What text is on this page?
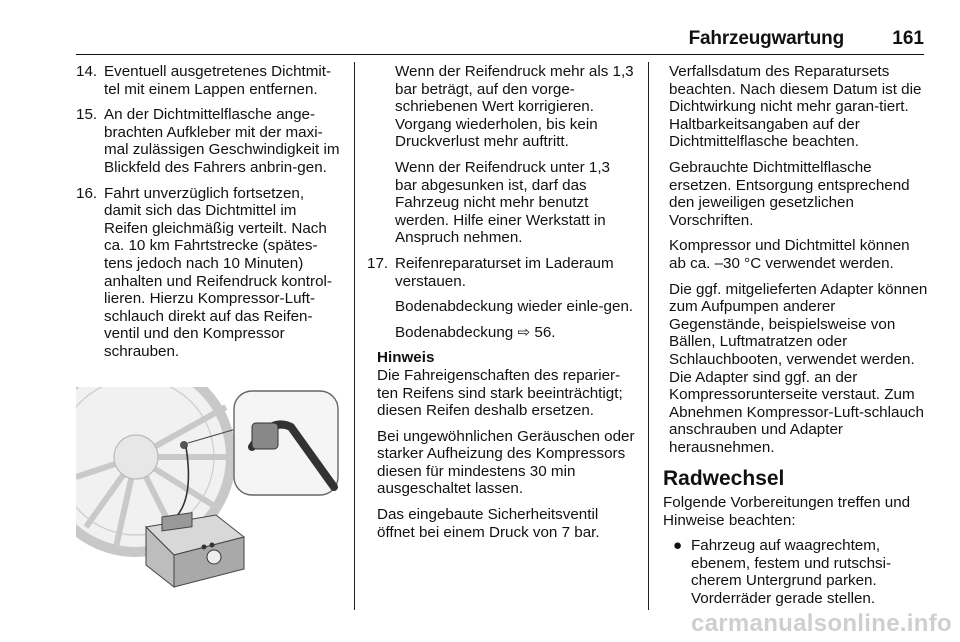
Fahrzeugwartung	161
14. Eventuell ausgetretenes Dichtmit‐tel mit einem Lappen entfernen.
15. An der Dichtmittelflasche ange‐brachten Aufkleber mit der maxi‐mal zulässigen Geschwindigkeit im Blickfeld des Fahrers anbrin‐gen.
16. Fahrt unverzüglich fortsetzen, damit sich das Dichtmittel im Reifen gleichmäßig verteilt. Nach ca. 10 km Fahrtstrecke (spätes‐tens jedoch nach 10 Minuten) anhalten und Reifendruck kontrol‐lieren. Hierzu Kompressor-Luft‐schlauch direkt auf das Reifen‐ventil und den Kompressor schrauben.

Wenn der Reifendruck mehr als 1,3 bar beträgt, auf den vorge‐schriebenen Wert korrigieren. Vorgang wiederholen, bis kein Druckverlust mehr auftritt.

Wenn der Reifendruck unter 1,3 bar abgesunken ist, darf das Fahrzeug nicht mehr benutzt werden. Hilfe einer Werkstatt in Anspruch nehmen.

17. Reifenreparaturset im Laderaum verstauen.

Bodenabdeckung wieder einle‐gen.

Bodenabdeckung ⇨ 56.

Hinweis
Die Fahreigenschaften des reparier‐ten Reifens sind stark beeinträchtigt; diesen Reifen deshalb ersetzen.

Bei ungewöhnlichen Geräuschen oder starker Aufheizung des Kompressors diesen für mindestens 30 min ausgeschaltet lassen.

Das eingebaute Sicherheitsventil öffnet bei einem Druck von 7 bar.

Verfallsdatum des Reparatursets beachten. Nach diesem Datum ist die Dichtwirkung nicht mehr garan‐tiert. Haltbarkeitsangaben auf der Dichtmittelflasche beachten.

Gebrauchte Dichtmittelflasche ersetzen. Entsorgung entsprechend den jeweiligen gesetzlichen Vorschriften.

Kompressor und Dichtmittel können ab ca. –30 °C verwendet werden.

Die ggf. mitgelieferten Adapter können zum Aufpumpen anderer Gegenstände, beispielsweise von Bällen, Luftmatratzen oder Schlauchbooten, verwendet werden. Die Adapter sind ggf. an der Kompressorunterseite verstaut. Zum Abnehmen Kompressor-Luft‐schlauch anschrauben und Adapter herausnehmen.

Radwechsel

Folgende Vorbereitungen treffen und Hinweise beachten:

● Fahrzeug auf waagrechtem, ebenem, festem und rutschsi‐cherem Untergrund parken. Vorderräder gerade stellen.
carmanualsonline.info
